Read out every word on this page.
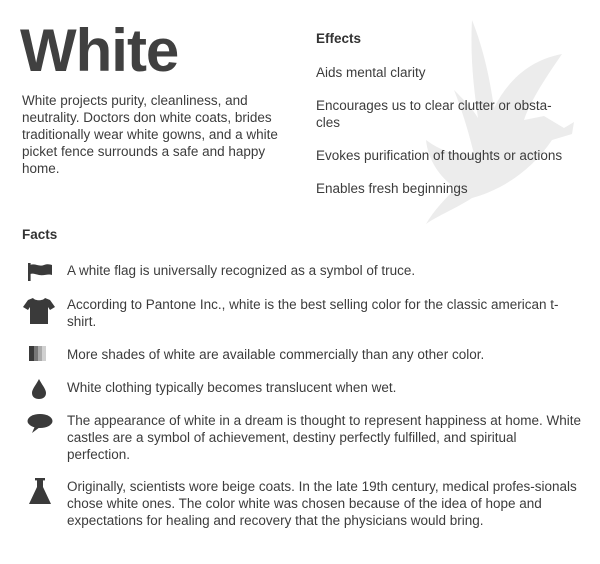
White

White projects purity, cleanliness, and neutrality. Doctors don white coats, brides traditionally wear white gowns, and a white picket fence surrounds a safe and happy home.

Effects
Aids mental clarity
Encourages us to clear clutter or obsta-cles
Evokes purification of thoughts or actions
Enables fresh beginnings
Facts

A white flag is universally recognized as a symbol of truce.

According to Pantone Inc., white is the best selling color for the classic american t-shirt.

More shades of white are available commercially than any other color.

White clothing typically becomes translucent when wet.

The appearance of white in a dream is thought to represent happiness at home. White castles are a symbol of achievement, destiny perfectly fulfilled, and spiritual perfection.

Originally, scientists wore beige coats. In the late 19th century, medical profes-sionals chose white ones. The color white was chosen because of the idea of hope and expectations for healing and recovery that the physicians would bring.
